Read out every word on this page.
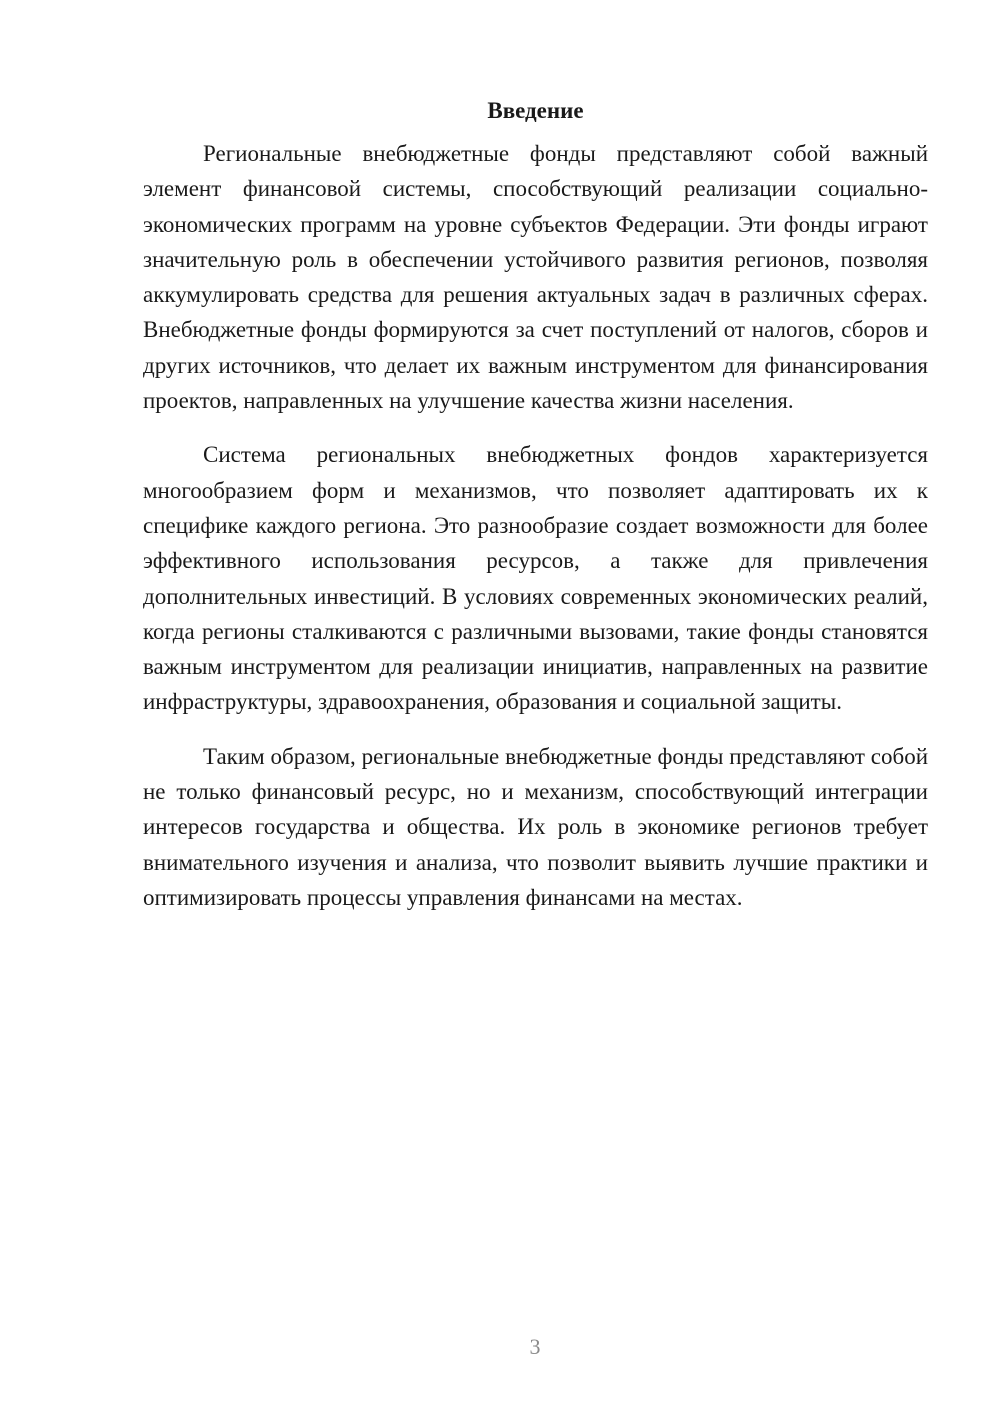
Введение

Региональные внебюджетные фонды представляют собой важный элемент финансовой системы, способствующий реализации социально-экономических программ на уровне субъектов Федерации. Эти фонды играют значительную роль в обеспечении устойчивого развития регионов, позволяя аккумулировать средства для решения актуальных задач в различных сферах. Внебюджетные фонды формируются за счет поступлений от налогов, сборов и других источников, что делает их важным инструментом для финансирования проектов, направленных на улучшение качества жизни населения.

Система региональных внебюджетных фондов характеризуется многообразием форм и механизмов, что позволяет адаптировать их к специфике каждого региона. Это разнообразие создает возможности для более эффективного использования ресурсов, а также для привлечения дополнительных инвестиций. В условиях современных экономических реалий, когда регионы сталкиваются с различными вызовами, такие фонды становятся важным инструментом для реализации инициатив, направленных на развитие инфраструктуры, здравоохранения, образования и социальной защиты.

Таким образом, региональные внебюджетные фонды представляют собой не только финансовый ресурс, но и механизм, способствующий интеграции интересов государства и общества. Их роль в экономике регионов требует внимательного изучения и анализа, что позволит выявить лучшие практики и оптимизировать процессы управления финансами на местах.

3
